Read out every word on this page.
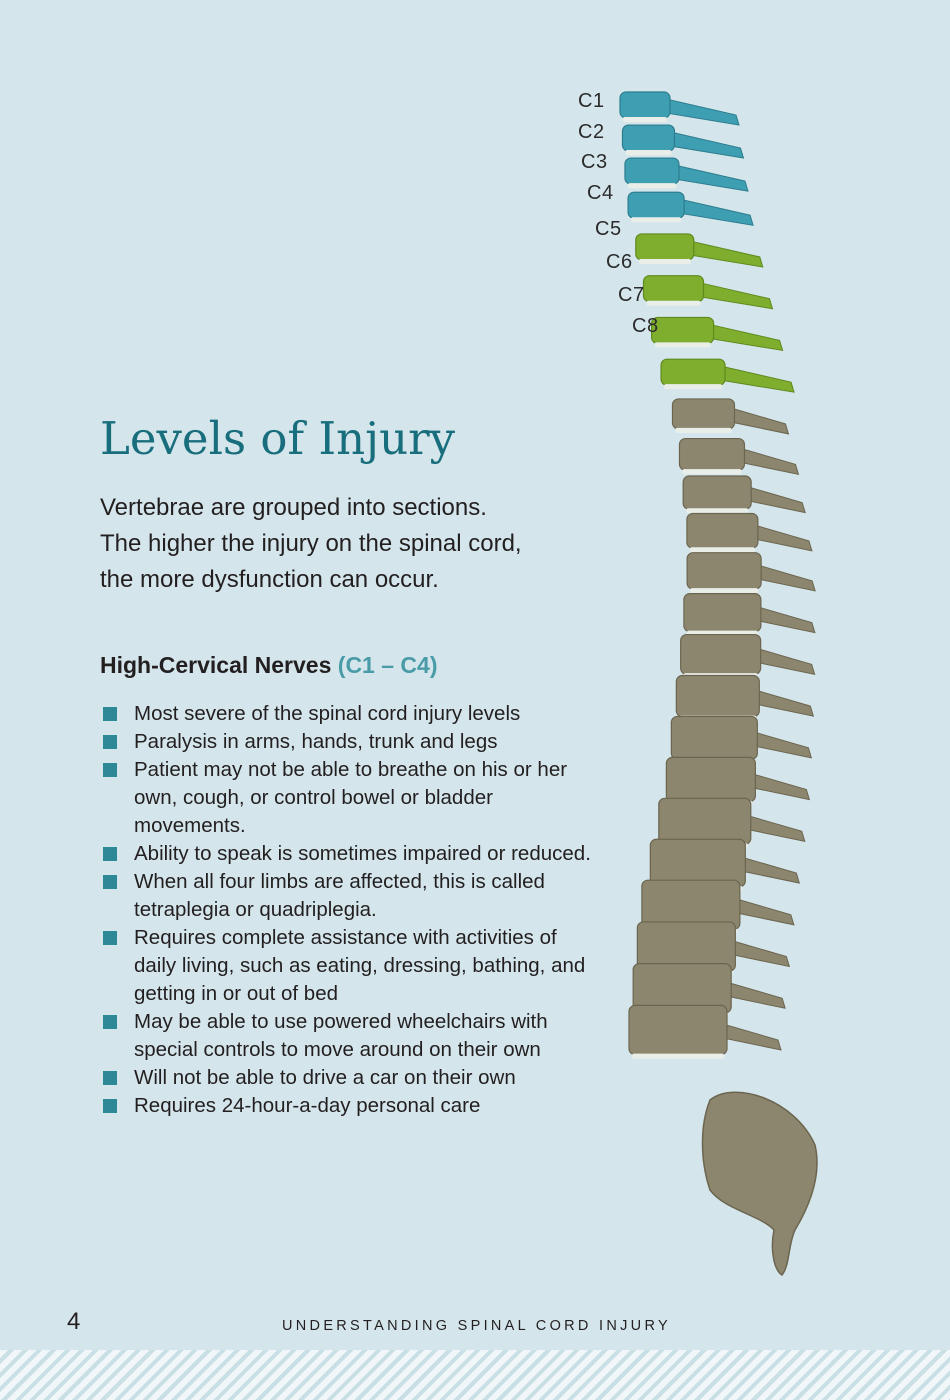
C1
C2
C3
C4
C5
C6
C7
C8
Levels of Injury
Vertebrae are grouped into sections.
The higher the injury on the spinal cord,
the more dysfunction can occur.
High-Cervical Nerves (C1 – C4)
Most severe of the spinal cord injury levels
Paralysis in arms, hands, trunk and legs
Patient may not be able to breathe on his or her own, cough, or control bowel or bladder movements.
Ability to speak is sometimes impaired or reduced.
When all four limbs are affected, this is called tetraplegia or quadriplegia.
Requires complete assistance with activities of daily living, such as eating, dressing, bathing, and getting in or out of bed
May be able to use powered wheelchairs with special controls to move around on their own
Will not be able to drive a car on their own
Requires 24-hour-a-day personal care
4	UNDERSTANDING SPINAL CORD INJURY
